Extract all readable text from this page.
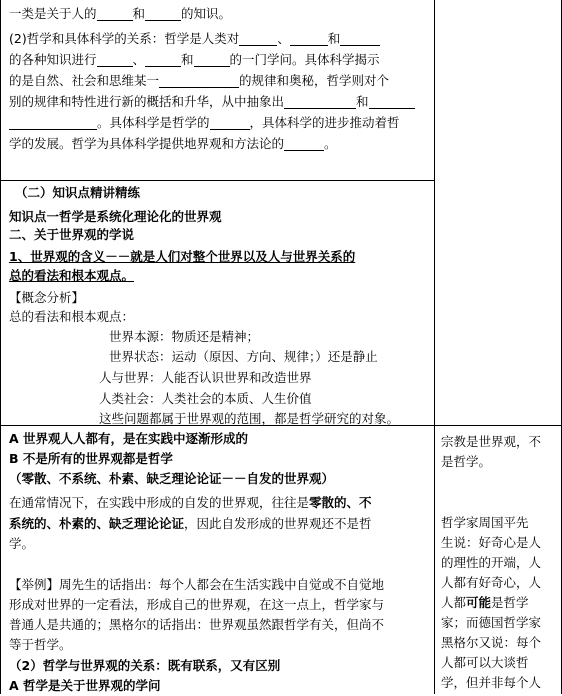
一类是关于人的	和	的知识。
(2)哲学和具体科学的关系：哲学是人类对	、	和
的各种知识进行	、	和	的一门学问。具体科学揭示
的是自然、社会和思维某一	的规律和奥秘，哲学则对个
别的规律和特性进行新的概括和升华，从中抽象出	和
。具体科学是哲学的	，具体科学的进步推动着哲
学的发展。哲学为具体科学提供地界观和方法论的	。
（二）知识点精讲精练
知识点一哲学是系统化理论化的世界观
二、关于世界观的学说
1、世界观的含义－－就是人们对整个世界以及人与世界关系的
总的看法和根本观点。
【概念分析】
总的看法和根本观点：
世界本源：物质还是精神；
世界状态：运动（原因、方向、规律；）还是静止
人与世界：人能否认识世界和改造世界
人类社会：人类社会的本质、人生价值
这些问题都属于世界观的范围，都是哲学研究的对象。
A 世界观人人都有，是在实践中逐渐形成的
B 不是所有的世界观都是哲学
（零散、不系统、朴素、缺乏理论论证－－自发的世界观）
在通常情况下，在实践中形成的自发的世界观，往往是零散的、不
系统的、朴素的、缺乏理论论证，因此自发形成的世界观还不是哲
学。
【举例】周先生的话指出：每个人都会在生活实践中自觉或不自觉地
形成对世界的一定看法，形成自己的世界观，在这一点上，哲学家与
普通人是共通的；黑格尔的话指出：世界观虽然跟哲学有关，但尚不
等于哲学。
（2）哲学与世界观的关系：既有联系，又有区别
A 哲学是关于世界观的学问
宗教是世界观，不
是哲学。
哲学家周国平先
生说：好奇心是人
的理性的开端，人
人都有好奇心，人
人都可能是哲学
家；而德国哲学家
黑格尔又说：每个
人都可以大谈哲
学，但并非每个人
